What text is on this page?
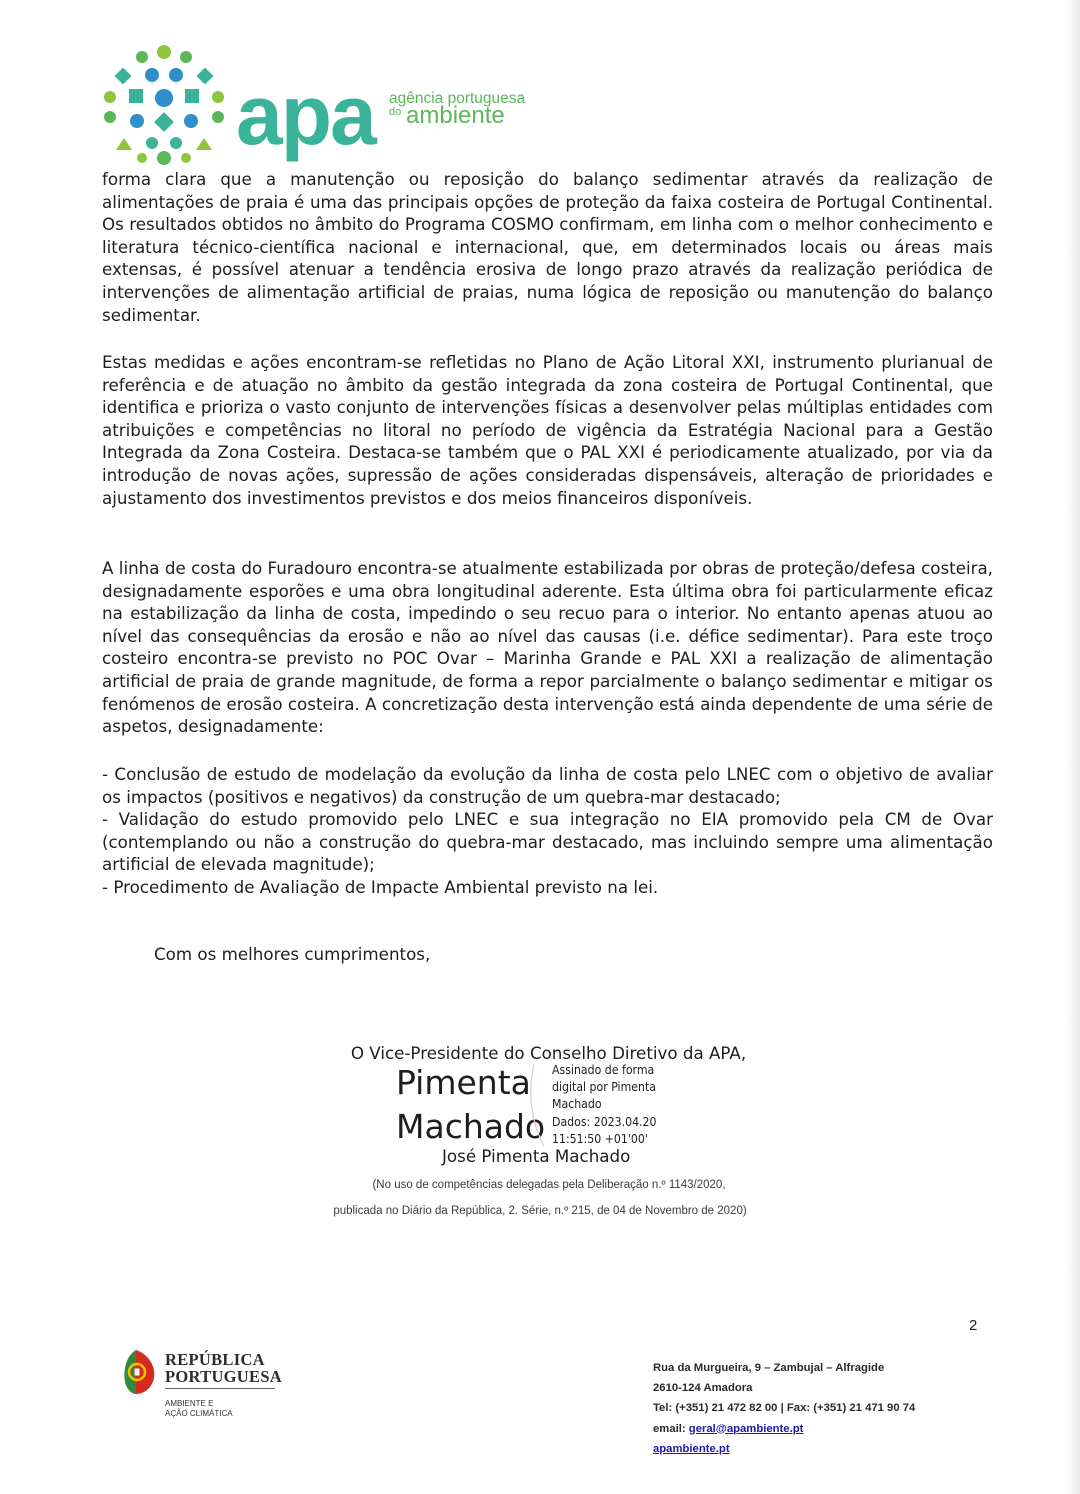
apa agência portuguesa
do ambiente

forma clara que a manutenção ou reposição do balanço sedimentar através da realização de alimentações de praia é uma das principais opções de proteção da faixa costeira de Portugal Continental. Os resultados obtidos no âmbito do Programa COSMO confirmam, em linha com o melhor conhecimento e literatura técnico-científica nacional e internacional, que, em determinados locais ou áreas mais extensas, é possível atenuar a tendência erosiva de longo prazo através da realização periódica de intervenções de alimentação artificial de praias, numa lógica de reposição ou manutenção do balanço sedimentar.

Estas medidas e ações encontram-se refletidas no Plano de Ação Litoral XXI, instrumento plurianual de referência e de atuação no âmbito da gestão integrada da zona costeira de Portugal Continental, que identifica e prioriza o vasto conjunto de intervenções físicas a desenvolver pelas múltiplas entidades com atribuições e competências no litoral no período de vigência da Estratégia Nacional para a Gestão Integrada da Zona Costeira. Destaca-se também que o PAL XXI é periodicamente atualizado, por via da introdução de novas ações, supressão de ações consideradas dispensáveis, alteração de prioridades e ajustamento dos investimentos previstos e dos meios financeiros disponíveis.

A linha de costa do Furadouro encontra-se atualmente estabilizada por obras de proteção/defesa costeira, designadamente esporões e uma obra longitudinal aderente. Esta última obra foi particularmente eficaz na estabilização da linha de costa, impedindo o seu recuo para o interior. No entanto apenas atuou ao nível das consequências da erosão e não ao nível das causas (i.e. défice sedimentar). Para este troço costeiro encontra-se previsto no POC Ovar – Marinha Grande e PAL XXI a realização de alimentação artificial de praia de grande magnitude, de forma a repor parcialmente o balanço sedimentar e mitigar os fenómenos de erosão costeira. A concretização desta intervenção está ainda dependente de uma série de aspetos, designadamente:

- Conclusão de estudo de modelação da evolução da linha de costa pelo LNEC com o objetivo de avaliar os impactos (positivos e negativos) da construção de um quebra-mar destacado;
- Validação do estudo promovido pelo LNEC e sua integração no EIA promovido pela CM de Ovar (contemplando ou não a construção do quebra-mar destacado, mas incluindo sempre uma alimentação artificial de elevada magnitude);
- Procedimento de Avaliação de Impacte Ambiental previsto na lei.
Com os melhores cumprimentos,
O Vice-Presidente do Conselho Diretivo da APA,
Pimenta
Machado
Assinado de forma
digital por Pimenta
Machado
Dados: 2023.04.20
11:51:50 +01'00'
José Pimenta Machado
(No uso de competências delegadas pela Deliberação n.º 1143/2020,
publicada no Diário da República, 2. Série, n.º 215, de 04 de Novembro de 2020)
2
REPÚBLICA
PORTUGUESA
AMBIENTE E
AÇÃO CLIMÁTICA
Rua da Murgueira, 9 – Zambujal – Alfragide
2610-124 Amadora
Tel: (+351) 21 472 82 00 | Fax: (+351) 21 471 90 74
email: geral@apambiente.pt
apambiente.pt
